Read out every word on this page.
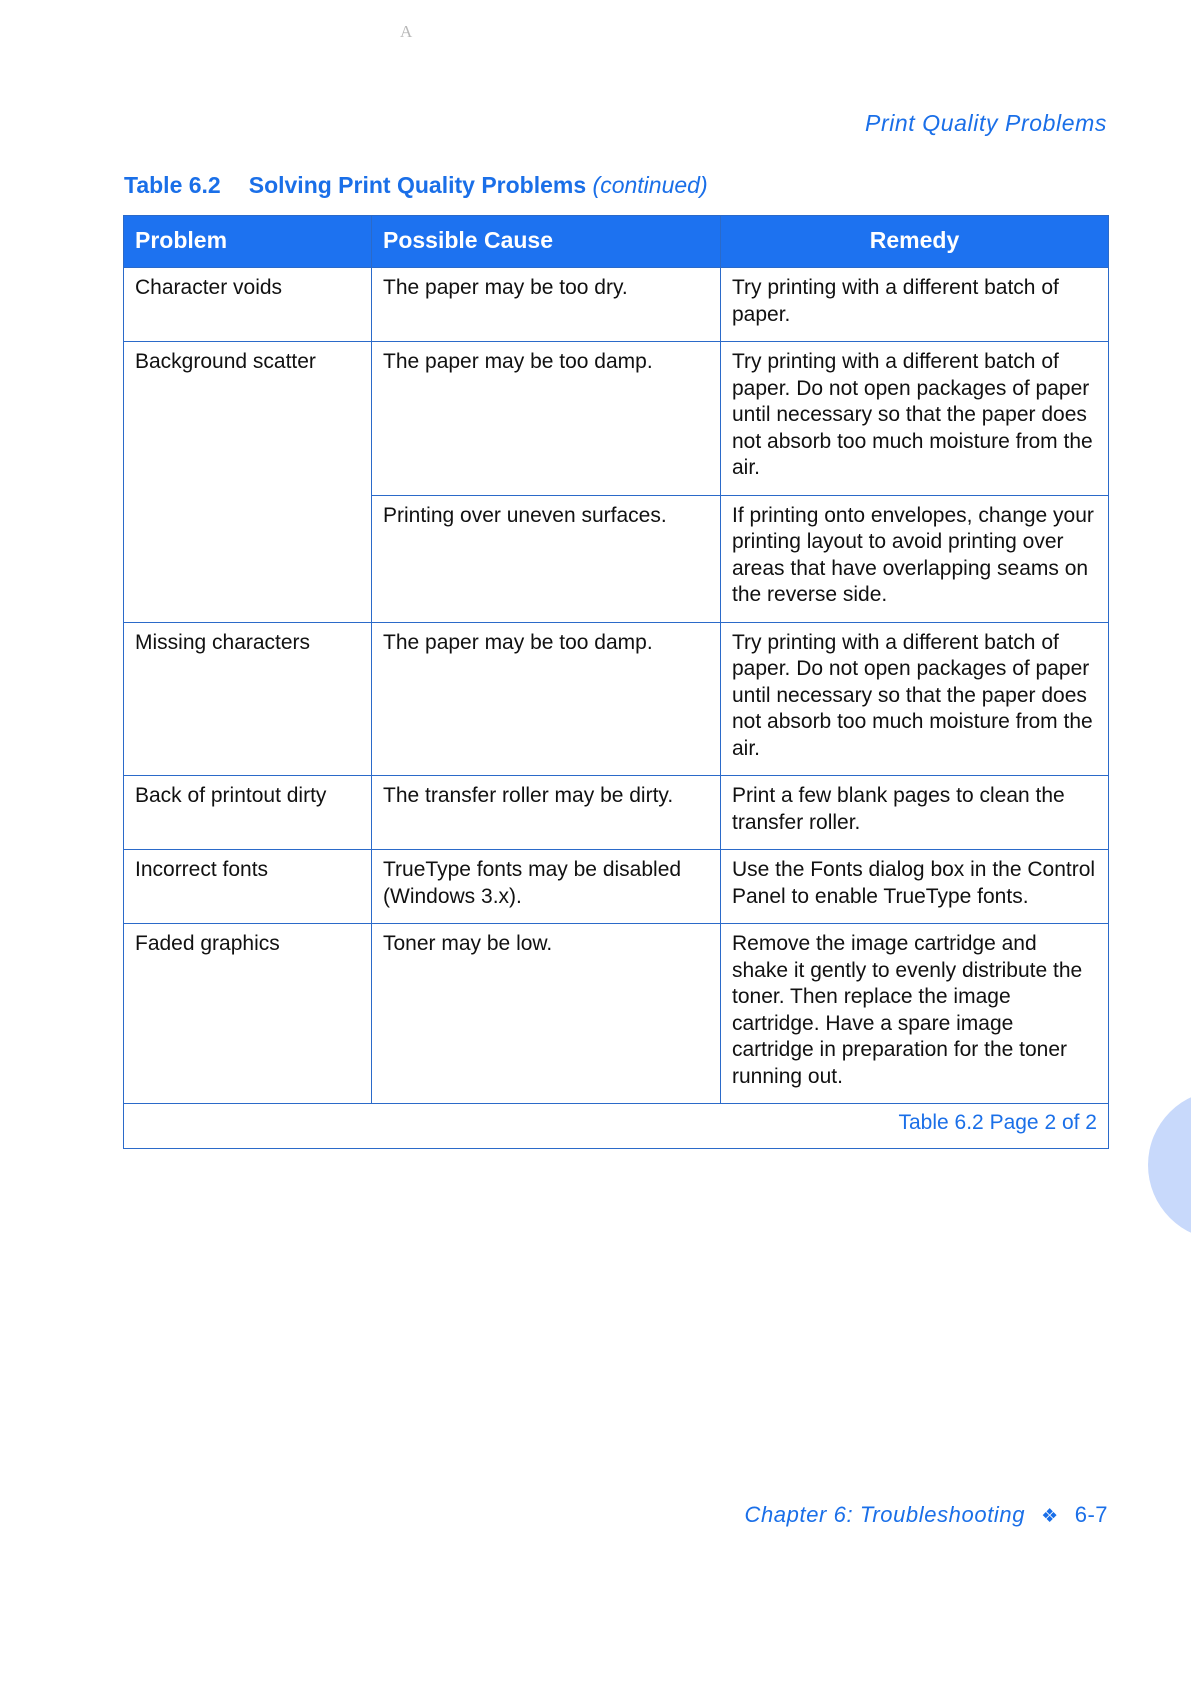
A
Print Quality Problems
Table 6.2 Solving Print Quality Problems (continued)
Problem	Possible Cause	Remedy
Character voids	The paper may be too dry.	Try printing with a different batch of paper.
Background scatter	The paper may be too damp.	Try printing with a different batch of paper. Do not open packages of paper until necessary so that the paper does not absorb too much moisture from the air.
	Printing over uneven surfaces.	If printing onto envelopes, change your printing layout to avoid printing over areas that have overlapping seams on the reverse side.
Missing characters	The paper may be too damp.	Try printing with a different batch of paper. Do not open packages of paper until necessary so that the paper does not absorb too much moisture from the air.
Back of printout dirty	The transfer roller may be dirty.	Print a few blank pages to clean the transfer roller.
Incorrect fonts	TrueType fonts may be disabled (Windows 3.x).	Use the Fonts dialog box in the Control Panel to enable TrueType fonts.
Faded graphics	Toner may be low.	Remove the image cartridge and shake it gently to evenly distribute the toner. Then replace the image cartridge. Have a spare image cartridge in preparation for the toner running out.
Table 6.2 Page 2 of 2		
Chapter 6: Troubleshooting ❖ 6-7
